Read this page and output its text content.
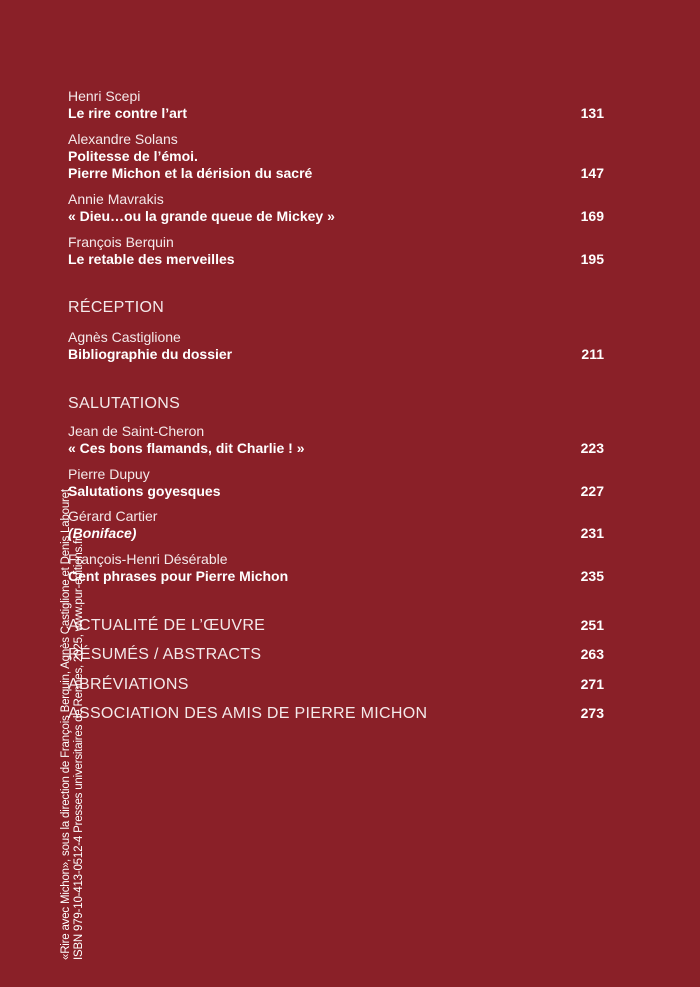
Henri Scepi
Le rire contre l’art	131
Alexandre Solans
Politesse de l’émoi.
Pierre Michon et la dérision du sacré	147
Annie Mavrakis
« Dieu…ou la grande queue de Mickey »	169
François Berquin
Le retable des merveilles	195
RÉCEPTION
Agnès Castiglione
Bibliographie du dossier	211
SALUTATIONS
Jean de Saint-Cheron
« Ces bons flamands, dit Charlie ! »	223
Pierre Dupuy
Salutations goyesques	227
Gérard Cartier
(Boniface)	231
François-Henri Désérable
Cent phrases pour Pierre Michon	235
ACTUALITÉ DE L’ŒUVRE	251
RÉSUMÉS / ABSTRACTS	263
ABRÉVIATIONS	271
ASSOCIATION DES AMIS DE PIERRE MICHON	273
«Rire avec Michon», sous la direction de François Berquin, Agnès Castiglione et Denis Labouret ISBN 979-10-413-0512-4 Presses universitaires de Rennes, 2025, www.pur-editions.fr
